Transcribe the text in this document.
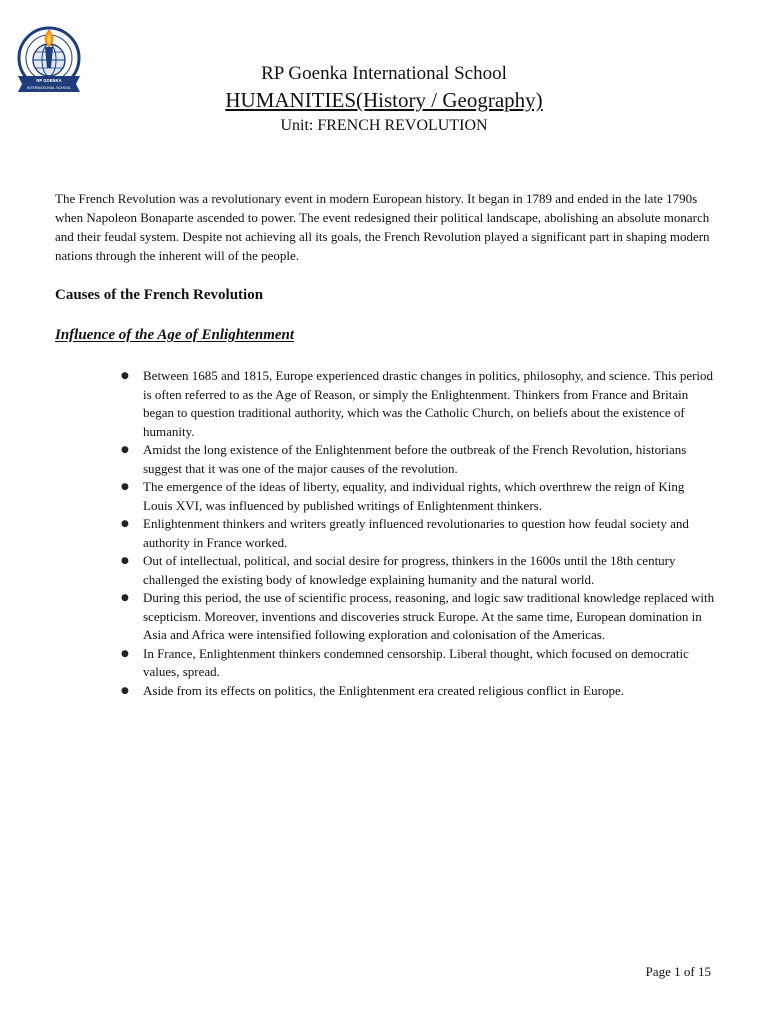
RP GOENKA
INTERNATIONAL SCHOOL
RP Goenka International School
HUMANITIES(History / Geography)
Unit: FRENCH REVOLUTION

The French Revolution was a revolutionary event in modern European history. It began in 1789 and ended in the late 1790s when Napoleon Bonaparte ascended to power. The event redesigned their political landscape, abolishing an absolute monarch and their feudal system. Despite not achieving all its goals, the French Revolution played a significant part in shaping modern nations through the inherent will of the people.

Causes of the French Revolution
Influence of the Age of Enlightenment
● Between 1685 and 1815, Europe experienced drastic changes in politics, philosophy, and science. This period is often referred to as the Age of Reason, or simply the Enlightenment. Thinkers from France and Britain began to question traditional authority, which was the Catholic Church, on beliefs about the existence of humanity.
● Amidst the long existence of the Enlightenment before the outbreak of the French Revolution, historians suggest that it was one of the major causes of the revolution.
● The emergence of the ideas of liberty, equality, and individual rights, which overthrew the reign of King Louis XVI, was influenced by published writings of Enlightenment thinkers.
● Enlightenment thinkers and writers greatly influenced revolutionaries to question how feudal society and authority in France worked.
● Out of intellectual, political, and social desire for progress, thinkers in the 1600s until the 18th century challenged the existing body of knowledge explaining humanity and the natural world.
● During this period, the use of scientific process, reasoning, and logic saw traditional knowledge replaced with scepticism. Moreover, inventions and discoveries struck Europe. At the same time, European domination in Asia and Africa were intensified following exploration and colonisation of the Americas.
● In France, Enlightenment thinkers condemned censorship. Liberal thought, which focused on democratic values, spread.
● Aside from its effects on politics, the Enlightenment era created religious conflict in Europe.
Page 1 of 15
